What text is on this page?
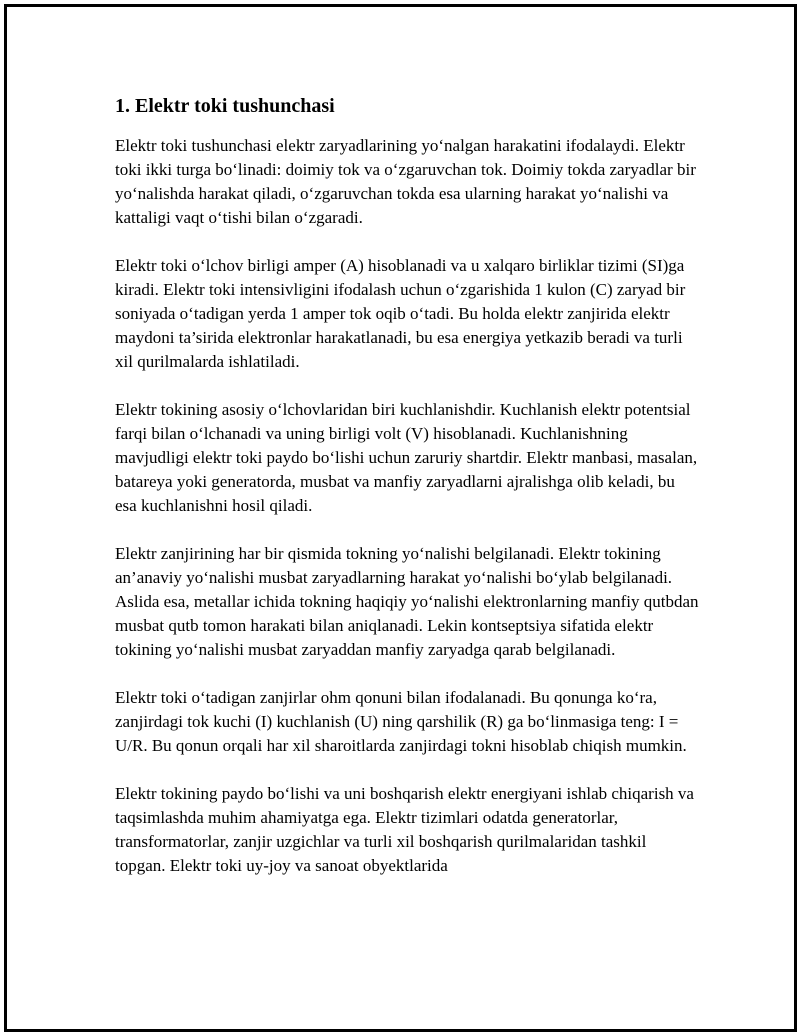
1. Elektr toki tushunchasi

Elektr toki tushunchasi elektr zaryadlarining yo‘nalgan harakatini ifodalaydi. Elektr toki ikki turga bo‘linadi: doimiy tok va o‘zgaruvchan tok. Doimiy tokda zaryadlar bir yo‘nalishda harakat qiladi, o‘zgaruvchan tokda esa ularning harakat yo‘nalishi va kattaligi vaqt o‘tishi bilan o‘zgaradi.

Elektr toki o‘lchov birligi amper (A) hisoblanadi va u xalqaro birliklar tizimi (SI)ga kiradi. Elektr toki intensivligini ifodalash uchun o‘zgarishida 1 kulon (C) zaryad bir soniyada o‘tadigan yerda 1 amper tok oqib o‘tadi. Bu holda elektr zanjirida elektr maydoni ta’sirida elektronlar harakatlanadi, bu esa energiya yetkazib beradi va turli xil qurilmalarda ishlatiladi.

Elektr tokining asosiy o‘lchovlaridan biri kuchlanishdir. Kuchlanish elektr potentsial farqi bilan o‘lchanadi va uning birligi volt (V) hisoblanadi. Kuchlanishning mavjudligi elektr toki paydo bo‘lishi uchun zaruriy shartdir. Elektr manbasi, masalan, batareya yoki generatorda, musbat va manfiy zaryadlarni ajralishga olib keladi, bu esa kuchlanishni hosil qiladi.

Elektr zanjirining har bir qismida tokning yo‘nalishi belgilanadi. Elektr tokining an’anaviy yo‘nalishi musbat zaryadlarning harakat yo‘nalishi bo‘ylab belgilanadi. Aslida esa, metallar ichida tokning haqiqiy yo‘nalishi elektronlarning manfiy qutbdan musbat qutb tomon harakati bilan aniqlanadi. Lekin kontseptsiya sifatida elektr tokining yo‘nalishi musbat zaryaddan manfiy zaryadga qarab belgilanadi.

Elektr toki o‘tadigan zanjirlar ohm qonuni bilan ifodalanadi. Bu qonunga ko‘ra, zanjirdagi tok kuchi (I) kuchlanish (U) ning qarshilik (R) ga bo‘linmasiga teng: I = U/R. Bu qonun orqali har xil sharoitlarda zanjirdagi tokni hisoblab chiqish mumkin.

Elektr tokining paydo bo‘lishi va uni boshqarish elektr energiyani ishlab chiqarish va taqsimlashda muhim ahamiyatga ega. Elektr tizimlari odatda generatorlar, transformatorlar, zanjir uzgichlar va turli xil boshqarish qurilmalaridan tashkil topgan. Elektr toki uy-joy va sanoat obyektlarida
